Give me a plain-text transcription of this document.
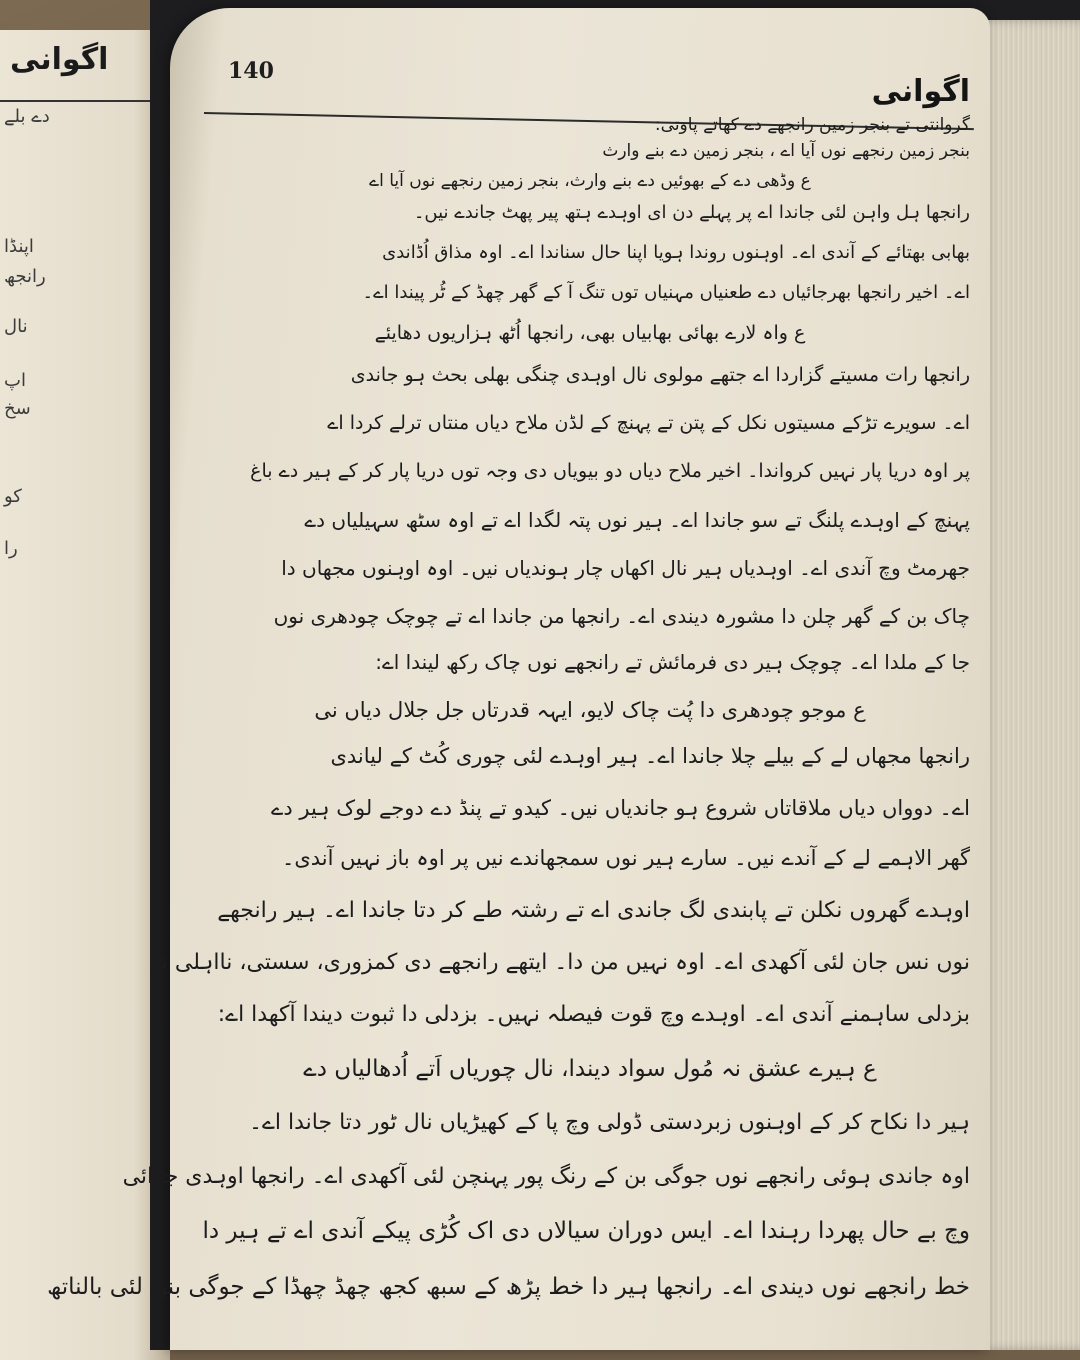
اگوانی
دے بلے
اپنڈا
رانجھ
نال
اپ
سخ
کو
را
140
اگوانی
گروانتی تے بنجر زمین رانجھے دے کھاتے پاوتی:
بنجر زمین رنجھے نوں آیا اے ، بنجر زمین دے بنے وارث
ع وڈھی دے کے بھوئیں دے بنے وارث، بنجر زمین رنجھے نوں آیا اے
رانجھا ہل واہن لئی جاندا اے پر پہلے دن ای اوہدے ہتھ پیر پھٹ جاندے نیں۔
بھابی بھتائے کے آندی اے۔ اوہنوں روندا ہویا اپنا حال سناندا اے۔ اوہ مذاق اُڈاندی
اے۔ اخیر رانجھا بھرجائیاں دے طعنیاں مہنیاں توں تنگ آ کے گھر چھڈ کے ٹُر پیندا اے۔
ع واہ لارے بھائی بھابیاں بھی، رانجھا اُٹھ ہزاریوں دھایئے
رانجھا رات مسیتے گزاردا اے جتھے مولوی نال اوہدی چنگی بھلی بحث ہو جاندی
اے۔ سویرے تڑکے مسیتوں نکل کے پتن تے پہنچ کے لڈن ملاح دیاں منتاں ترلے کردا اے
پر اوہ دریا پار نہیں کرواندا۔ اخیر ملاح دیاں دو بیویاں دی وجہ توں دریا پار کر کے ہیر دے باغ
پہنچ کے اوہدے پلنگ تے سو جاندا اے۔ ہیر نوں پتہ لگدا اے تے اوہ سٹھ سہیلیاں دے
جھرمٹ وچ آندی اے۔ اوہدیاں ہیر نال اکھاں چار ہوندیاں نیں۔ اوہ اوہنوں مجھاں دا
چاک بن کے گھر چلن دا مشورہ دیندی اے۔ رانجھا من جاندا اے تے چوچک چودھری نوں
جا کے ملدا اے۔ چوچک ہیر دی فرمائش تے رانجھے نوں چاک رکھ لیندا اے:
ع موجو چودھری دا پُت چاک لایو، ایہہ قدرتاں جل جلال دیاں نی
رانجھا مجھاں لے کے بیلے چلا جاندا اے۔ ہیر اوہدے لئی چوری کُٹ کے لیاندی
اے۔ دوواں دیاں ملاقاتاں شروع ہو جاندیاں نیں۔ کیدو تے پنڈ دے دوجے لوک ہیر دے
گھر الاہمے لے کے آندے نیں۔ سارے ہیر نوں سمجھاندے نیں پر اوہ باز نہیں آندی۔
اوہدے گھروں نکلن تے پابندی لگ جاندی اے تے رشتہ طے کر دتا جاندا اے۔ ہیر رانجھے
نوں نس جان لئی آکھدی اے۔ اوہ نہیں من دا۔ ایتھے رانجھے دی کمزوری، سستی، نااہلی تے
بزدلی ساہمنے آندی اے۔ اوہدے وچ قوت فیصلہ نہیں۔ بزدلی دا ثبوت دیندا آکھدا اے:
ع ہیرے عشق نہ مُول سواد دیندا، نال چوریاں اَتے اُدھالیاں دے
ہیر دا نکاح کر کے اوہنوں زبردستی ڈولی وچ پا کے کھیڑیاں نال ٹور دتا جاندا اے۔
اوہ جاندی ہوئی رانجھے نوں جوگی بن کے رنگ پور پہنچن لئی آکھدی اے۔ رانجھا اوہدی جدائی
وچ بے حال پھردا رہندا اے۔ ایس دوران سیالاں دی اک کُڑی پیکے آندی اے تے ہیر دا
خط رانجھے نوں دیندی اے۔ رانجھا ہیر دا خط پڑھ کے سبھ کجھ چھڈ چھڈا کے جوگی بنن لئی بالناتھ
